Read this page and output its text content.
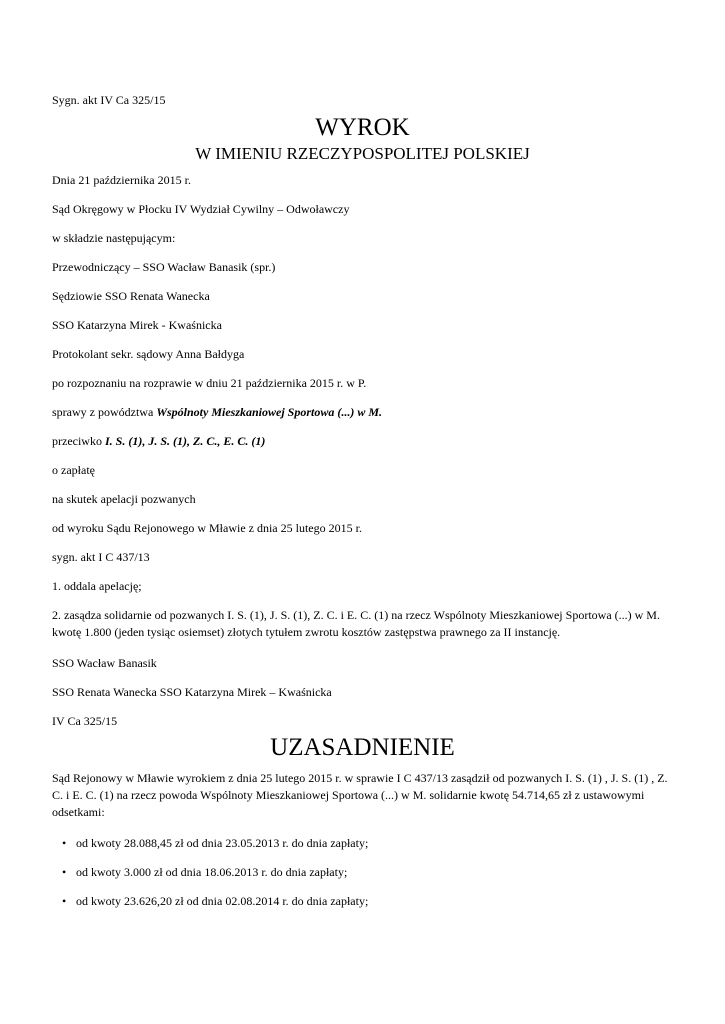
Sygn. akt IV Ca 325/15
WYROK
W IMIENIU RZECZYPOSPOLITEJ POLSKIEJ
Dnia 21 października 2015 r.
Sąd Okręgowy w Płocku IV Wydział Cywilny – Odwoławczy
w składzie następującym:
Przewodniczący – SSO Wacław Banasik (spr.)
Sędziowie SSO Renata Wanecka
SSO Katarzyna Mirek - Kwaśnicka
Protokolant sekr. sądowy Anna Bałdyga
po rozpoznaniu na rozprawie w dniu 21 października 2015 r. w P.
sprawy z powództwa Wspólnoty Mieszkaniowej Sportowa (...) w M.
przeciwko I. S. (1), J. S. (1), Z. C., E. C. (1)
o zapłatę
na skutek apelacji pozwanych
od wyroku Sądu Rejonowego w Mławie z dnia 25 lutego 2015 r.
sygn. akt I C 437/13
1. oddala apelację;
2. zasądza solidarnie od pozwanych I. S. (1), J. S. (1), Z. C. i E. C. (1) na rzecz Wspólnoty Mieszkaniowej Sportowa (...) w M. kwotę 1.800 (jeden tysiąc osiemset) złotych tytułem zwrotu kosztów zastępstwa prawnego za II instancję.
SSO Wacław Banasik
SSO Renata Wanecka SSO Katarzyna Mirek – Kwaśnicka
IV Ca 325/15
UZASADNIENIE
Sąd Rejonowy w Mławie wyrokiem z dnia 25 lutego 2015 r. w sprawie I C 437/13 zasądził od pozwanych I. S. (1) , J. S. (1) , Z. C. i E. C. (1) na rzecz powoda Wspólnoty Mieszkaniowej Sportowa (...) w M. solidarnie kwotę 54.714,65 zł z ustawowymi odsetkami:
• od kwoty 28.088,45 zł od dnia 23.05.2013 r. do dnia zapłaty;
• od kwoty 3.000 zł od dnia 18.06.2013 r. do dnia zapłaty;
• od kwoty 23.626,20 zł od dnia 02.08.2014 r. do dnia zapłaty;
